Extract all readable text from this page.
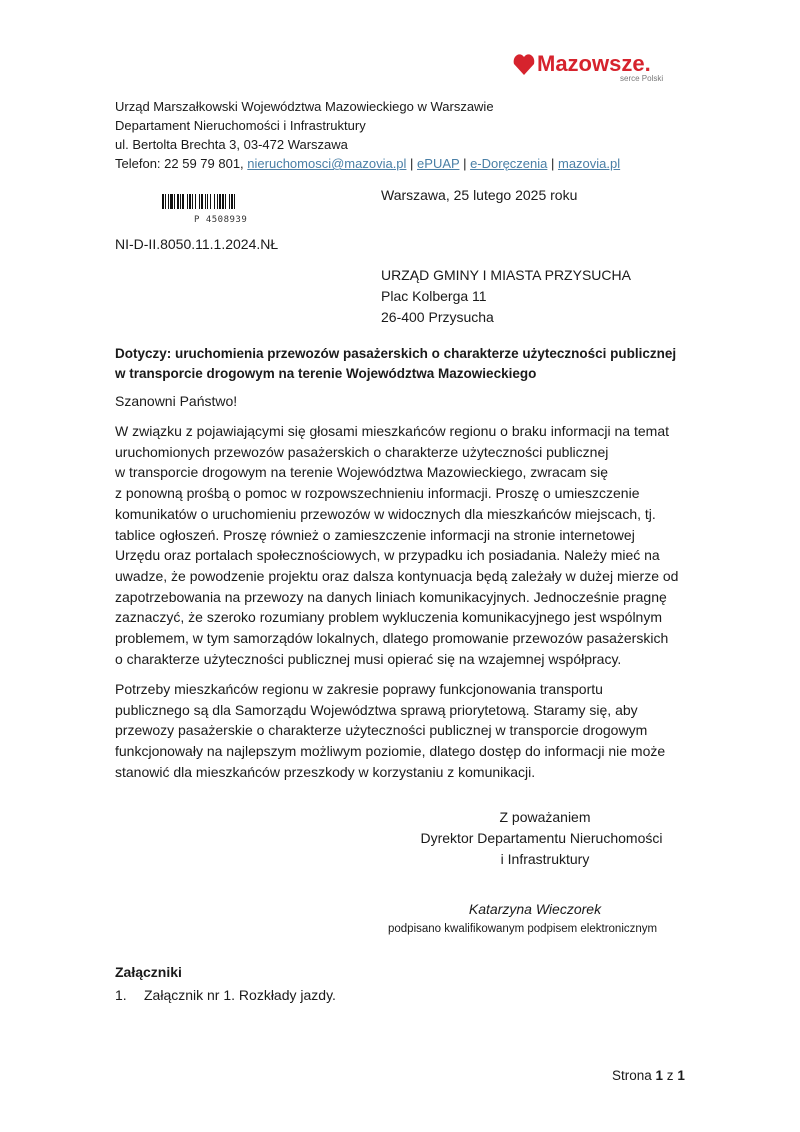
Mazowsze.
serce Polski
Urząd Marszałkowski Województwa Mazowieckiego w Warszawie
Departament Nieruchomości i Infrastruktury
ul. Bertolta Brechta 3, 03-472 Warszawa
Telefon: 22 59 79 801, nieruchomosci@mazovia.pl | ePUAP | e-Doręczenia | mazovia.pl
P 4508939
Warszawa, 25 lutego 2025 roku
NI-D-II.8050.11.1.2024.NŁ
URZĄD GMINY I MIASTA PRZYSUCHA
Plac Kolberga 11
26-400 Przysucha
Dotyczy: uruchomienia przewozów pasażerskich o charakterze użyteczności publicznej
w transporcie drogowym na terenie Województwa Mazowieckiego
Szanowni Państwo!
W związku z pojawiającymi się głosami mieszkańców regionu o braku informacji na temat
uruchomionych przewozów pasażerskich o charakterze użyteczności publicznej
w transporcie drogowym na terenie Województwa Mazowieckiego, zwracam się
z ponowną prośbą o pomoc w rozpowszechnieniu informacji. Proszę o umieszczenie
komunikatów o uruchomieniu przewozów w widocznych dla mieszkańców miejscach, tj.
tablice ogłoszeń. Proszę również o zamieszczenie informacji na stronie internetowej
Urzędu oraz portalach społecznościowych, w przypadku ich posiadania. Należy mieć na
uwadze, że powodzenie projektu oraz dalsza kontynuacja będą zależały w dużej mierze od
zapotrzebowania na przewozy na danych liniach komunikacyjnych. Jednocześnie pragnę
zaznaczyć, że szeroko rozumiany problem wykluczenia komunikacyjnego jest wspólnym
problemem, w tym samorządów lokalnych, dlatego promowanie przewozów pasażerskich
o charakterze użyteczności publicznej musi opierać się na wzajemnej współpracy.
Potrzeby mieszkańców regionu w zakresie poprawy funkcjonowania transportu
publicznego są dla Samorządu Województwa sprawą priorytetową. Staramy się, aby
przewozy pasażerskie o charakterze użyteczności publicznej w transporcie drogowym
funkcjonowały na najlepszym możliwym poziomie, dlatego dostęp do informacji nie może
stanowić dla mieszkańców przeszkody w korzystaniu z komunikacji.
Z poważaniem
Dyrektor Departamentu Nieruchomości
i Infrastruktury
Katarzyna Wieczorek
podpisano kwalifikowanym podpisem elektronicznym
Załączniki
1. Załącznik nr 1. Rozkłady jazdy.
Strona 1 z 1
